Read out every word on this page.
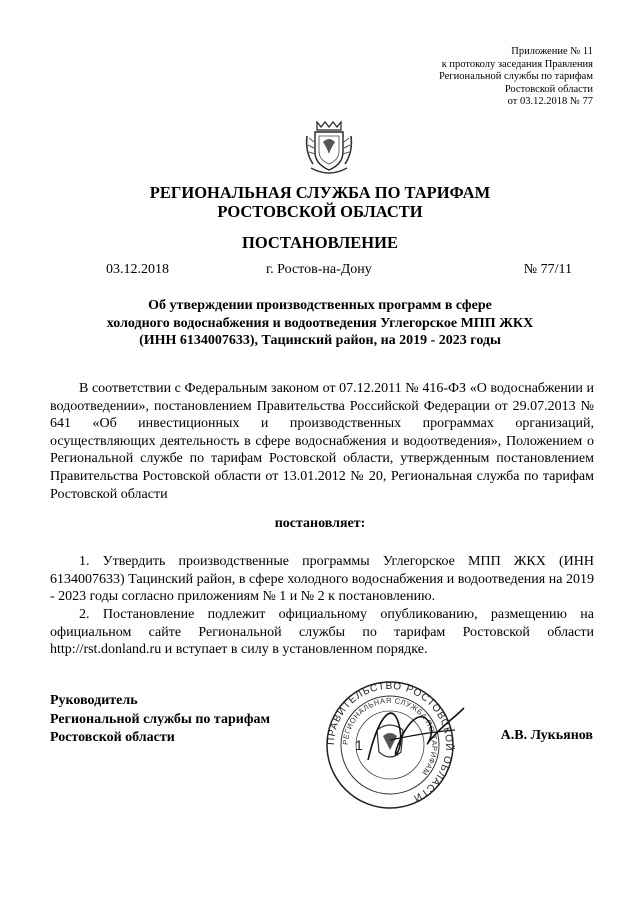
Приложение № 11
к протоколу заседания Правления
Региональной службы по тарифам
Ростовской области
от 03.12.2018 № 77
РЕГИОНАЛЬНАЯ СЛУЖБА ПО ТАРИФАМ
РОСТОВСКОЙ ОБЛАСТИ
ПОСТАНОВЛЕНИЕ
03.12.2018	г. Ростов-на-Дону	№ 77/11
Об утверждении производственных программ в сфере
холодного водоснабжения и водоотведения Углегорское МПП ЖКХ
(ИНН 6134007633), Тацинский район, на 2019 - 2023 годы
В соответствии с Федеральным законом от 07.12.2011 № 416-ФЗ «О водоснабжении и водоотведении», постановлением Правительства Российской Федерации от 29.07.2013 № 641 «Об инвестиционных и производственных программах организаций, осуществляющих деятельность в сфере водоснабжения и водоотведения», Положением о Региональной службе по тарифам Ростовской области, утвержденным постановлением Правительства Ростовской области от 13.01.2012 № 20, Региональная служба по тарифам Ростовской области
постановляет:
1. Утвердить производственные программы Углегорское МПП ЖКХ (ИНН 6134007633) Тацинский район, в сфере холодного водоснабжения и водоотведения на 2019 - 2023 годы согласно приложениям № 1 и № 2 к постановлению.
2. Постановление подлежит официальному опубликованию, размещению на официальном сайте Региональной службы по тарифам Ростовской области http://rst.donland.ru и вступает в силу в установленном порядке.
ПРАВИТЕЛЬСТВО РОСТОВСКОЙ ОБЛАСТИ
РЕГИОНАЛЬНАЯ СЛУЖБА ПО ТАРИФАМ
1
Руководитель
Региональной службы по тарифам
Ростовской области	А.В. Лукьянов
